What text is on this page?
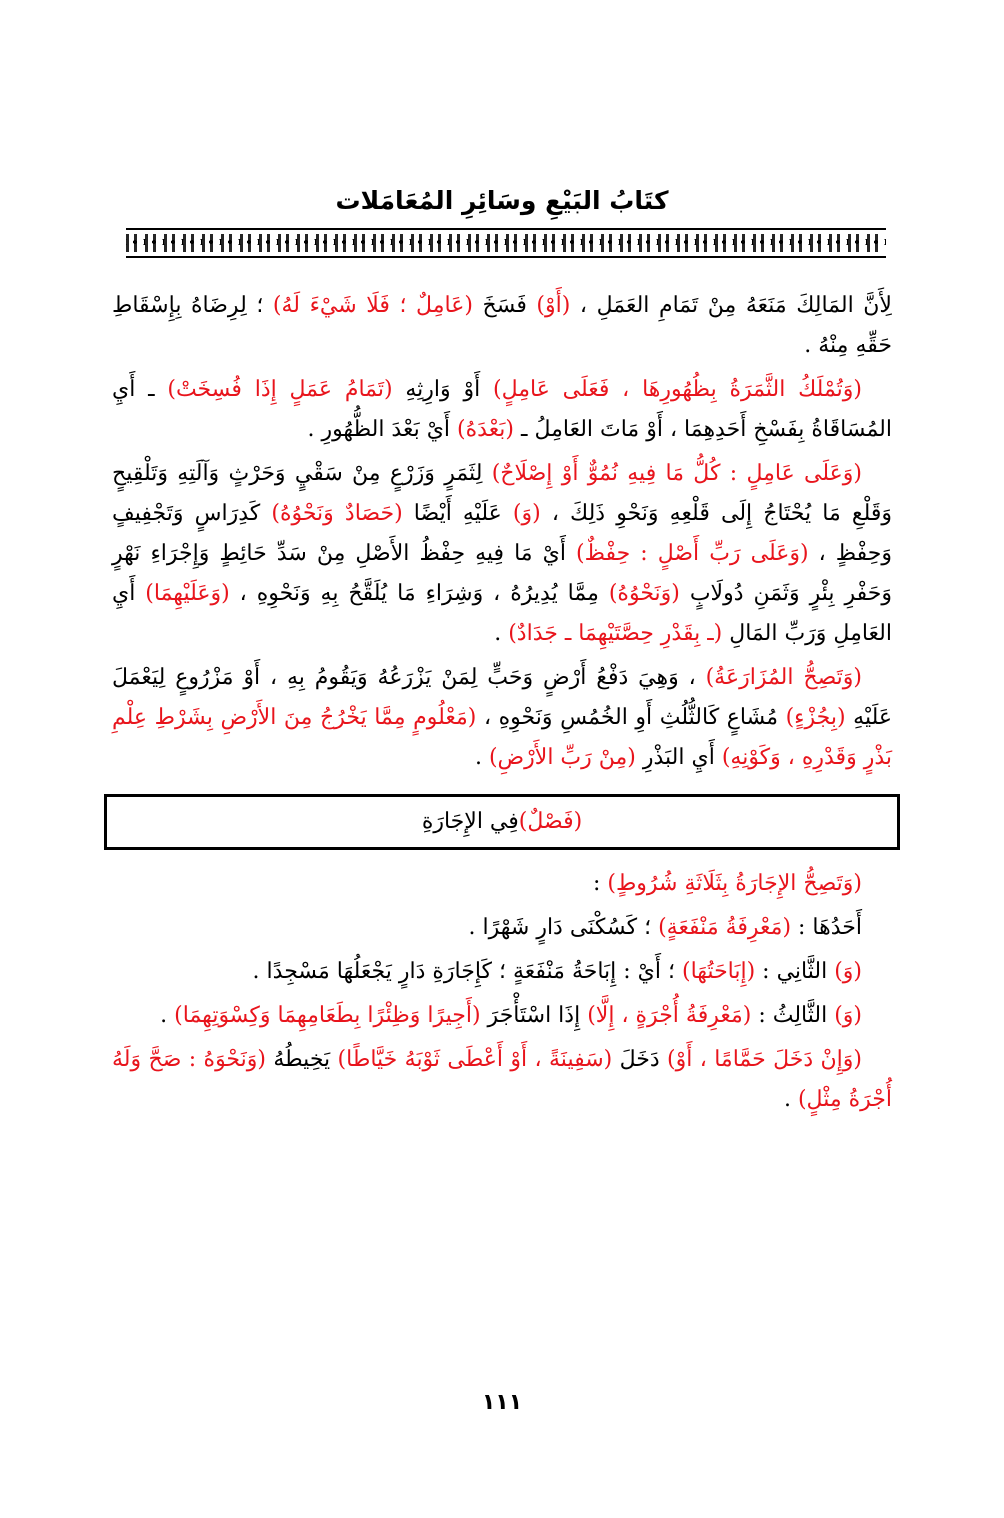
كتَابُ البَيْعِ وسَائِرِ المُعَامَلات

لِأَنَّ المَالِكَ مَنَعَهُ مِنْ تَمَامِ العَمَلِ ، (أَوْ) فَسَخَ (عَامِلٌ ؛ فَلَا شَيْءَ لَهُ) ؛ لِرِضَاهُ بِإِسْقَاطِ حَقِّهِ مِنْهُ .

(وَتُمْلَكُ الثَّمَرَةُ بِظُهُورِهَا ، فَعَلَى عَامِلٍ) أَوْ وَارِثِهِ (تَمَامُ عَمَلٍ إِذَا فُسِخَتْ) ـ أَيِ المُسَاقَاةُ بِفَسْخِ أَحَدِهِمَا ، أَوْ مَاتَ العَامِلُ ـ (بَعْدَهُ) أَيْ بَعْدَ الظُّهُورِ .

(وَعَلَى عَامِلٍ : كُلُّ مَا فِيهِ نُمُوٌّ أَوْ إِصْلَاحٌ) لِثَمَرٍ وَزَرْعٍ مِنْ سَقْيٍ وَحَرْثٍ وَآلَتِهِ وَتَلْقِيحٍ وَقَلْعِ مَا يُحْتَاجُ إِلَى قَلْعِهِ وَنَحْوِ ذَلِكَ ، (وَ) عَلَيْهِ أَيْضًا (حَصَادٌ وَنَحْوُهُ) كَدِرَاسٍ وَتَجْفِيفٍ وَحِفْظٍ ، (وَعَلَى رَبِّ أَصْلٍ : حِفْظٌ) أَيْ مَا فِيهِ حِفْظُ الأَصْلِ مِنْ سَدِّ حَائِطٍ وَإِجْرَاءِ نَهْرٍ وَحَفْرِ بِئْرٍ وَثَمَنِ دُولَابٍ (وَنَحْوُهُ) مِمَّا يُدِيرُهُ ، وَشِرَاءِ مَا يُلَقَّحُ بِهِ وَنَحْوِهِ ، (وَعَلَيْهِمَا) أَيِ العَامِلِ وَرَبِّ المَالِ (ـ بِقَدْرِ حِصَّتَيْهِمَا ـ جَدَادٌ) .

(وَتَصِحُّ المُزَارَعَةُ) ، وَهِيَ دَفْعُ أَرْضٍ وَحَبٍّ لِمَنْ يَزْرَعُهُ وَيَقُومُ بِهِ ، أَوْ مَزْرُوعٍ لِيَعْمَلَ عَلَيْهِ (بِجُزْءٍ) مُشَاعٍ كَالثُّلُثِ أَوِ الخُمُسِ وَنَحْوِهِ ، (مَعْلُومٍ مِمَّا يَخْرُجُ مِنَ الأَرْضِ بِشَرْطِ عِلْمِ بَذْرٍ وَقَدْرِهِ ، وَكَوْنِهِ) أَيِ البَذْرِ (مِنْ رَبِّ الأَرْضِ) .

(فَصْلٌ)
فِي الإِجَارَةِ

(وَتَصِحُّ الإِجَارَةُ بِثَلَاثَةِ شُرُوطٍ) :

أَحَدُهَا : (مَعْرِفَةُ مَنْفَعَةٍ) ؛ كَسُكْنَى دَارٍ شَهْرًا .

(وَ) الثَّانِي : (إِبَاحَتُهَا) ؛ أَيْ : إِبَاحَةُ مَنْفَعَةٍ ؛ كَإِجَارَةِ دَارٍ يَجْعَلُهَا مَسْجِدًا .

(وَ) الثَّالِثُ : (مَعْرِفَةُ أُجْرَةٍ ، إِلَّا) إِذَا اسْتَأْجَرَ (أَجِيرًا وَظِئْرًا بِطَعَامِهِمَا وَكِسْوَتِهِمَا) .

(وَإِنْ دَخَلَ حَمَّامًا ، أَوْ) دَخَلَ (سَفِينَةً ، أَوْ أَعْطَى ثَوْبَهُ خَيَّاطًا) يَخِيطُهُ (وَنَحْوَهُ : صَحَّ وَلَهُ أُجْرَةُ مِثْلٍ) .

١١١
